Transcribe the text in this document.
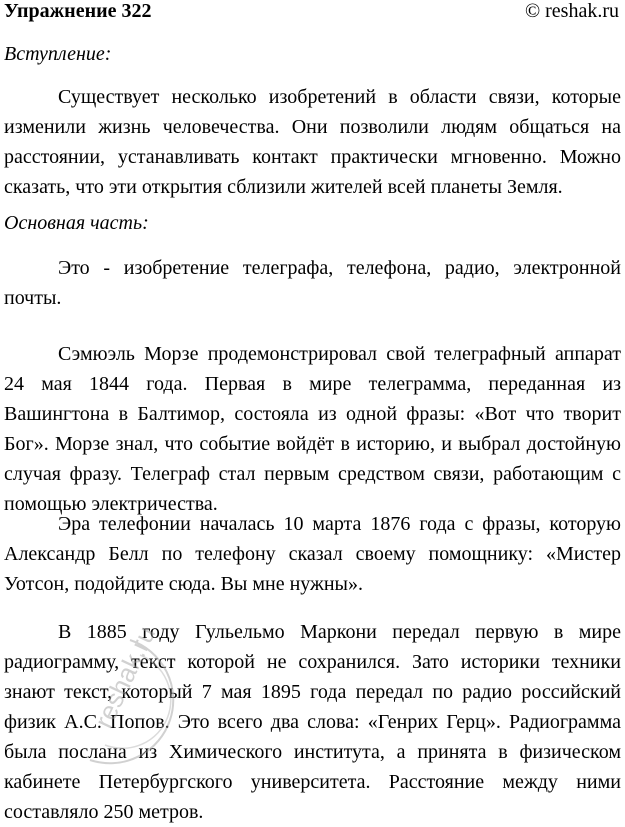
Упражнение 322	© reshak.ru
Вступление:

Существует несколько изобретений в области связи, которые изменили жизнь человечества. Они позволили людям общаться на расстоянии, устанавливать контакт практически мгновенно. Можно сказать, что эти открытия сблизили жителей всей планеты Земля.

Основная часть:

Это - изобретение телеграфа, телефона, радио, электронной почты.

Сэмюэль Морзе продемонстрировал свой телеграфный аппарат 24 мая 1844 года. Первая в мире телеграмма, переданная из Вашингтона в Балтимор, состояла из одной фразы: «Вот что творит Бог». Морзе знал, что событие войдёт в историю, и выбрал достойную случая фразу. Телеграф стал первым средством связи, работающим с помощью электричества.

Эра телефонии началась 10 марта 1876 года с фразы, которую Александр Белл по телефону сказал своему помощнику: «Мистер Уотсон, подойдите сюда. Вы мне нужны».

В 1885 году Гульельмо Маркони передал первую в мире радиограмму, текст которой не сохранился. Зато историки техники знают текст, который 7 мая 1895 года передал по радио российский физик А.С. Попов. Это всего два слова: «Генрих Герц». Радиограмма была послана из Химического института, а принята в физическом кабинете Петербургского университета. Расстояние между ними составляло 250 метров.

reshak.ru
